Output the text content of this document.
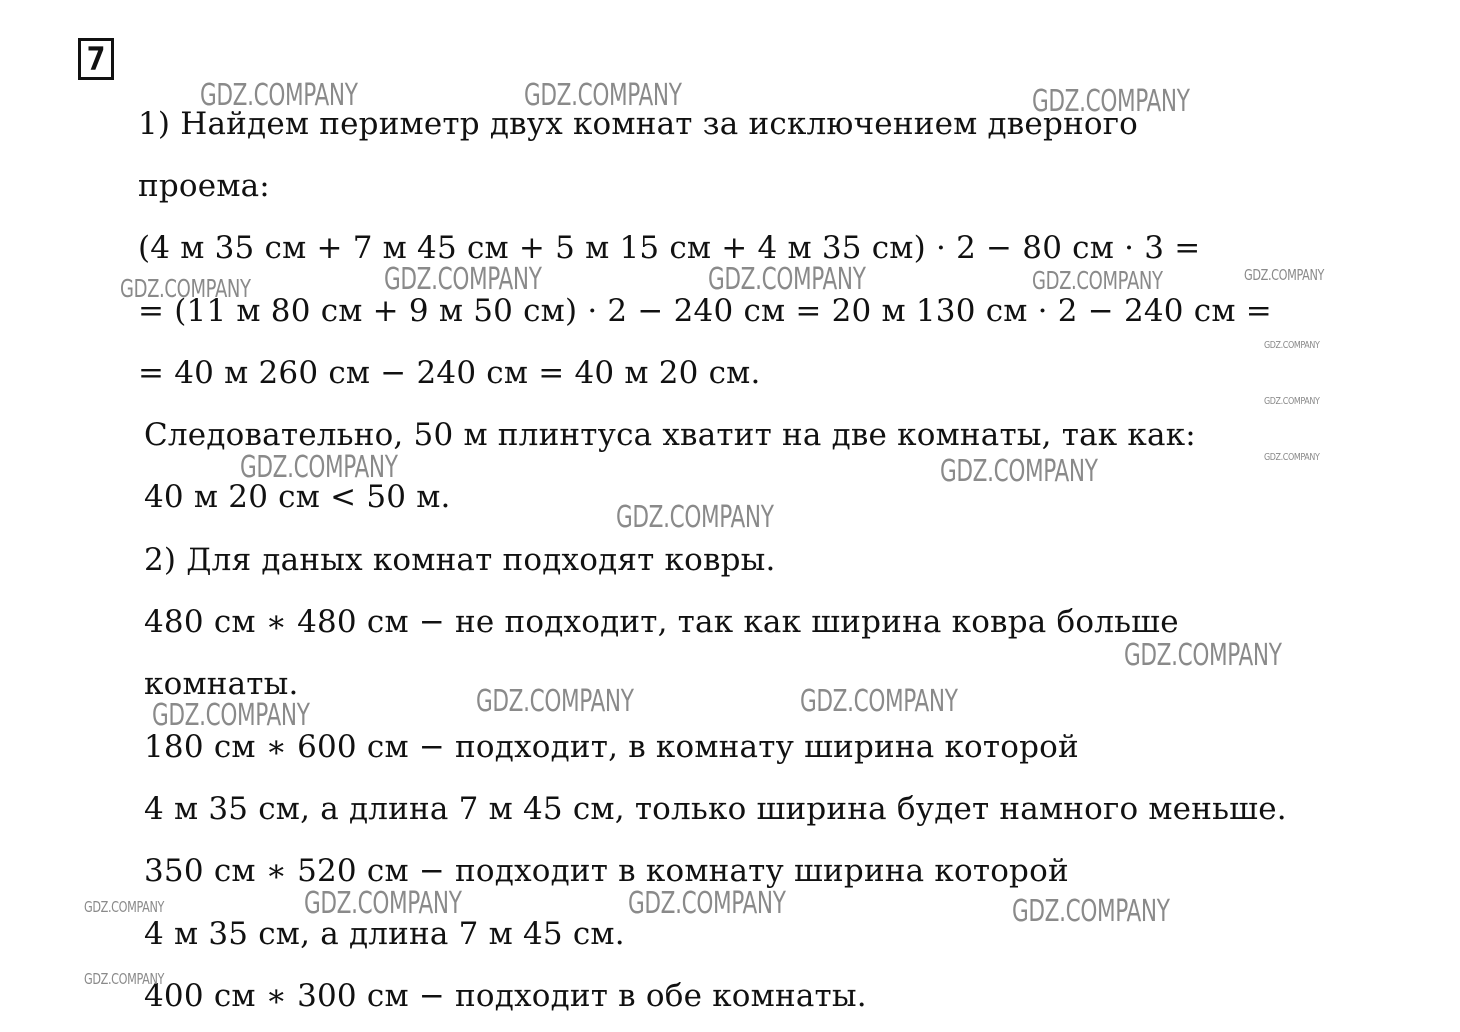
7
1) Найдем периметр двух комнат за исключением дверного
проема:
(4 м 35 см + 7 м 45 см + 5 м 15 см + 4 м 35 см) · 2 − 80 см · 3 =
= (11 м 80 см + 9 м 50 см) · 2 − 240 см = 20 м 130 см · 2 − 240 см =
= 40 м 260 см − 240 см = 40 м 20 см.
Следовательно, 50 м плинтуса хватит на две комнаты, так как:
40 м 20 см < 50 м.
2) Для даных комнат подходят ковры.
480 см ∗ 480 см − не подходит, так как ширина ковра больше
комнаты.
180 см ∗ 600 см − подходит, в комнату ширина которой
4 м 35 см, а длина 7 м 45 см, только ширина будет намного меньше.
350 см ∗ 520 см − подходит в комнату ширина которой
4 м 35 см, а длина 7 м 45 см.
400 см ∗ 300 см − подходит в обе комнаты.
GDZ.COMPANY	GDZ.COMPANY	GDZ.COMPANY
GDZ.COMPANY	GDZ.COMPANY	GDZ.COMPANY	GDZ.COMPANY	GDZ.COMPANY
GDZ.COMPANY
GDZ.COMPANY
GDZ.COMPANY
GDZ.COMPANY	GDZ.COMPANY
GDZ.COMPANY
GDZ.COMPANY
GDZ.COMPANY	GDZ.COMPANY
GDZ.COMPANY
GDZ.COMPANY	GDZ.COMPANY	GDZ.COMPANY
GDZ.COMPANY
GDZ.COMPANY
